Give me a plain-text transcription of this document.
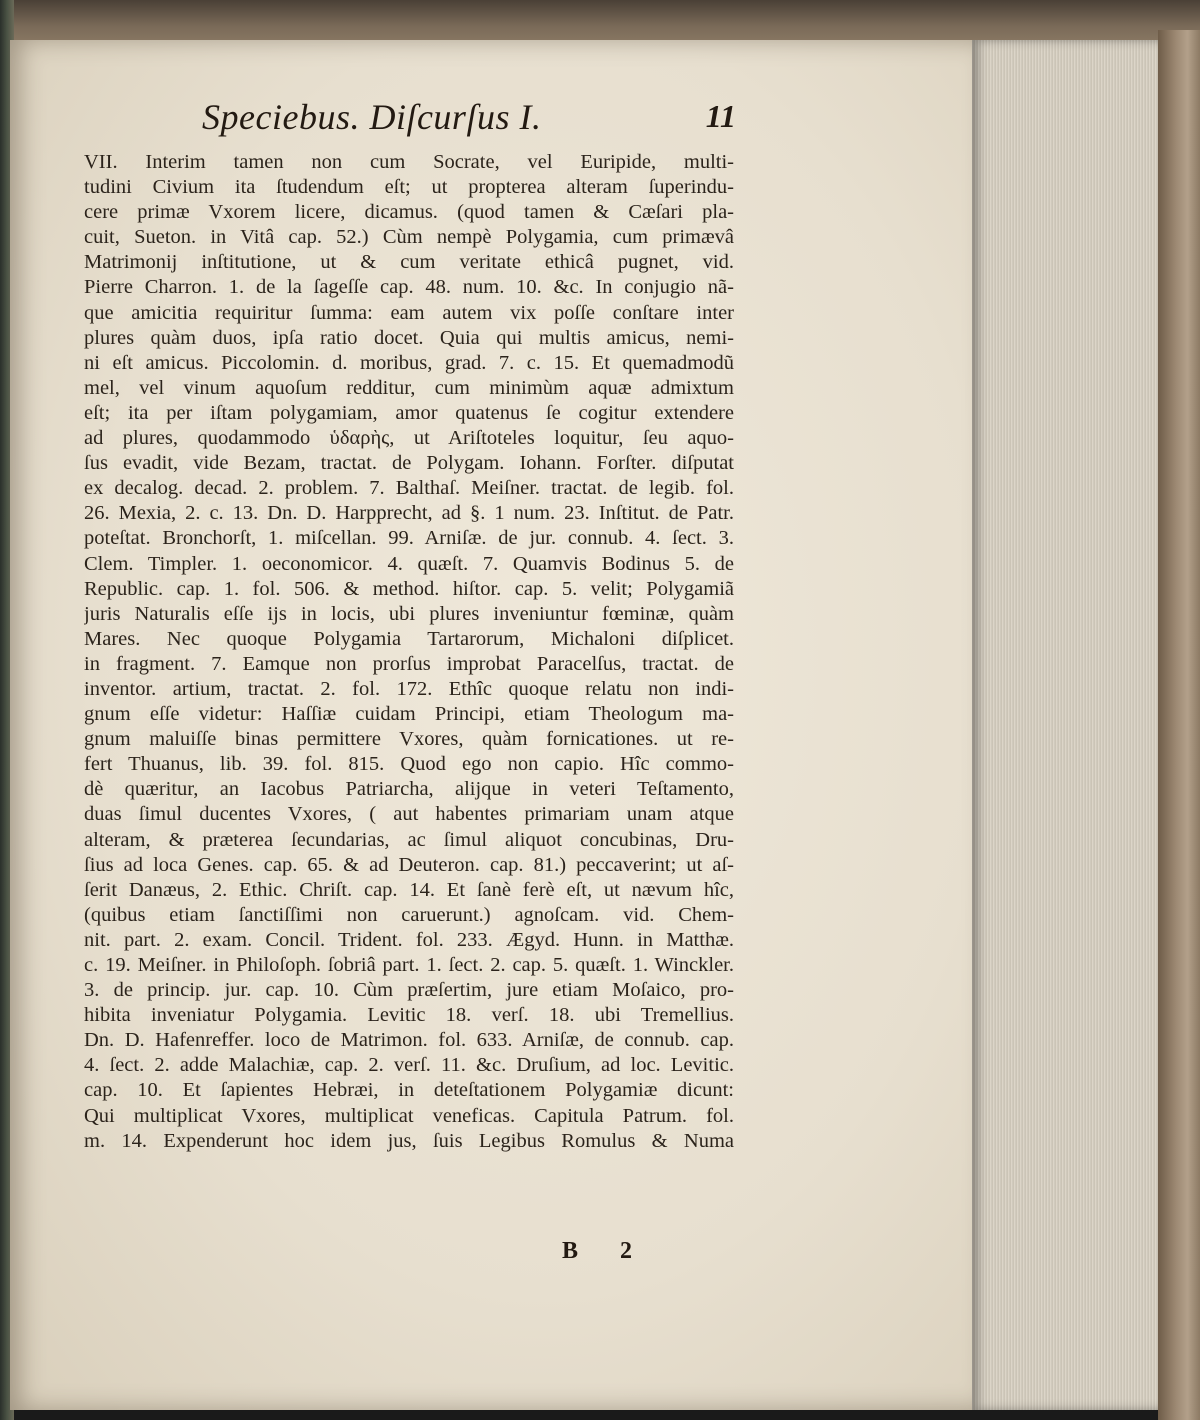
Speciebus. Diſcurſus I.	11
VII. Interim tamen non cum Socrate, vel Euripide, multi-
tudini Civium ita ſtudendum eſt; ut propterea alteram ſuperindu-
cere primæ Vxorem licere, dicamus. (quod tamen & Cæſari pla-
cuit, Sueton. in Vitâ cap. 52.) Cùm nempè Polygamia, cum primævâ
Matrimonij inſtitutione, ut & cum veritate ethicâ pugnet, vid.
Pierre Charron. 1. de la ſageſſe cap. 48. num. 10. &c. In conjugio nã-
que amicitia requiritur ſumma: eam autem vix poſſe conſtare inter
plures quàm duos, ipſa ratio docet. Quia qui multis amicus, nemi-
ni eſt amicus. Piccolomin. d. moribus, grad. 7. c. 15. Et quemadmodũ
mel, vel vinum aquoſum redditur, cum minimùm aquæ admixtum
eſt; ita per iſtam polygamiam, amor quatenus ſe cogitur extendere
ad plures, quodammodo ὑδαρὴς, ut Ariſtoteles loquitur, ſeu aquo-
ſus evadit, vide Bezam, tractat. de Polygam. Iohann. Forſter. diſputat
ex decalog. decad. 2. problem. 7. Balthaſ. Meiſner. tractat. de legib. fol.
26. Mexia, 2. c. 13. Dn. D. Harpprecht, ad §. 1 num. 23. Inſtitut. de Patr.
poteſtat. Bronchorſt, 1. miſcellan. 99. Arniſæ. de jur. connub. 4. ſect. 3.
Clem. Timpler. 1. oeconomicor. 4. quæſt. 7. Quamvis Bodinus 5. de
Republic. cap. 1. fol. 506. & method. hiſtor. cap. 5. velit; Polygamiã
juris Naturalis eſſe ijs in locis, ubi plures inveniuntur fœminæ, quàm
Mares. Nec quoque Polygamia Tartarorum, Michaloni diſplicet.
in fragment. 7. Eamque non prorſus improbat Paracelſus, tractat. de
inventor. artium, tractat. 2. fol. 172. Ethîc quoque relatu non indi-
gnum eſſe videtur: Haſſiæ cuidam Principi, etiam Theologum ma-
gnum maluiſſe binas permittere Vxores, quàm fornicationes. ut re-
fert Thuanus, lib. 39. fol. 815. Quod ego non capio. Hîc commo-
dè quæritur, an Iacobus Patriarcha, alijque in veteri Teſtamento,
duas ſimul ducentes Vxores, ( aut habentes primariam unam atque
alteram, & præterea ſecundarias, ac ſimul aliquot concubinas, Dru-
ſius ad loca Genes. cap. 65. & ad Deuteron. cap. 81.) peccaverint; ut aſ-
ſerit Danæus, 2. Ethic. Chriſt. cap. 14. Et ſanè ferè eſt, ut nævum hîc,
(quibus etiam ſanctiſſimi non caruerunt.) agnoſcam. vid. Chem-
nit. part. 2. exam. Concil. Trident. fol. 233. Ægyd. Hunn. in Matthæ.
c. 19. Meiſner. in Philoſoph. ſobriâ part. 1. ſect. 2. cap. 5. quæſt. 1. Winckler.
3. de princip. jur. cap. 10. Cùm præſertim, jure etiam Moſaico, pro-
hibita inveniatur Polygamia. Levitic 18. verſ. 18. ubi Tremellius.
Dn. D. Hafenreffer. loco de Matrimon. fol. 633. Arniſæ, de connub. cap.
4. ſect. 2. adde Malachiæ, cap. 2. verſ. 11. &c. Druſium, ad loc. Levitic.
cap. 10. Et ſapientes Hebræi, in deteſtationem Polygamiæ dicunt:
Qui multiplicat Vxores, multiplicat veneficas. Capitula Patrum. fol.
m. 14. Expenderunt hoc idem jus, ſuis Legibus Romulus & Numa
B 2
